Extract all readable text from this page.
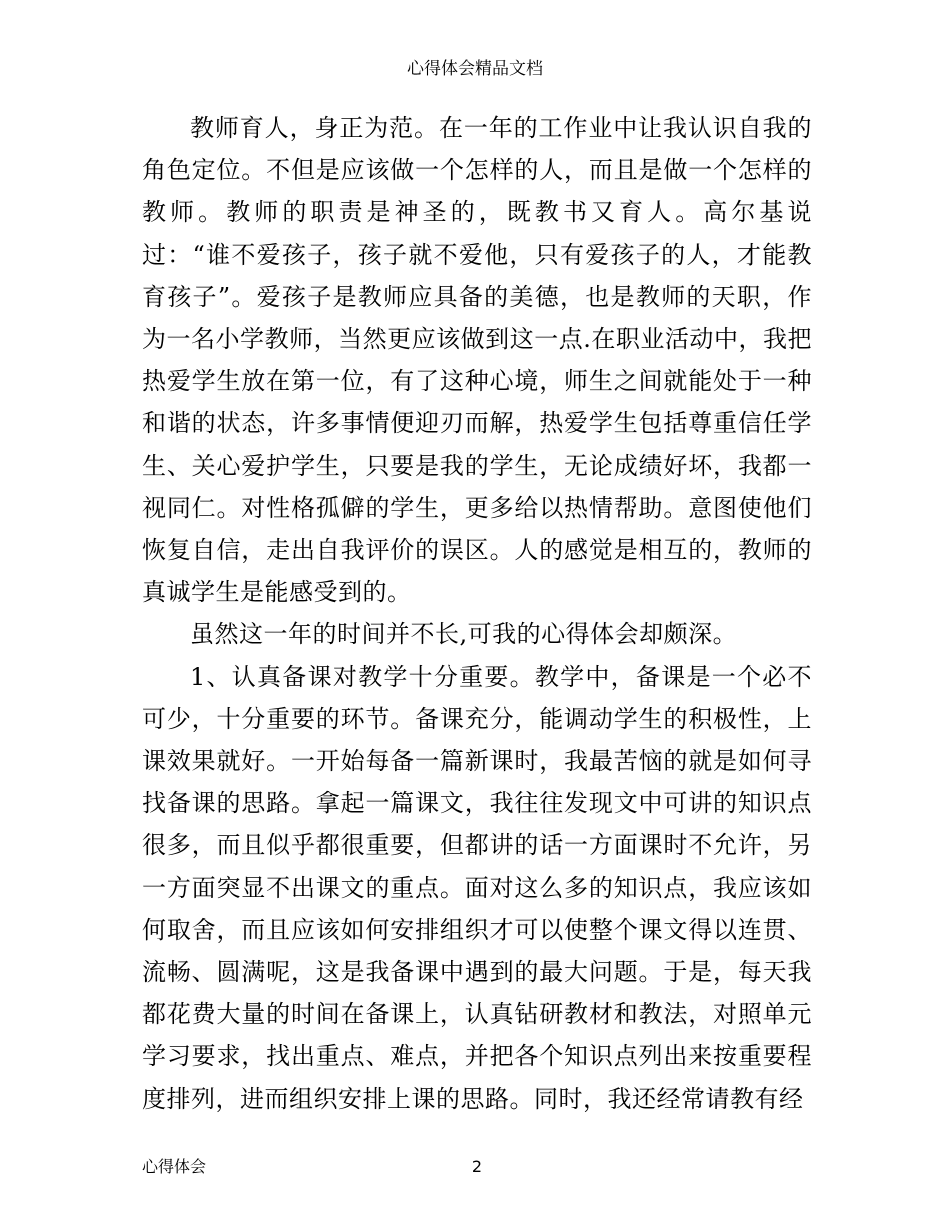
心得体会精品文档

教师育人，身正为范。在一年的工作业中让我认识自我的角色定位。不但是应该做一个怎样的人，而且是做一个怎样的教师。教师的职责是神圣的，既教书又育人。高尔基说过：“谁不爱孩子，孩子就不爱他，只有爱孩子的人，才能教育孩子”。爱孩子是教师应具备的美德，也是教师的天职，作为一名小学教师，当然更应该做到这一点.在职业活动中，我把热爱学生放在第一位，有了这种心境，师生之间就能处于一种和谐的状态，许多事情便迎刃而解，热爱学生包括尊重信任学生、关心爱护学生，只要是我的学生，无论成绩好坏，我都一视同仁。对性格孤僻的学生，更多给以热情帮助。意图使他们恢复自信，走出自我评价的误区。人的感觉是相互的，教师的真诚学生是能感受到的。

虽然这一年的时间并不长,可我的心得体会却颇深。

1、认真备课对教学十分重要。教学中，备课是一个必不可少，十分重要的环节。备课充分，能调动学生的积极性，上课效果就好。一开始每备一篇新课时，我最苦恼的就是如何寻找备课的思路。拿起一篇课文，我往往发现文中可讲的知识点很多，而且似乎都很重要，但都讲的话一方面课时不允许，另一方面突显不出课文的重点。面对这么多的知识点，我应该如何取舍，而且应该如何安排组织才可以使整个课文得以连贯、流畅、圆满呢，这是我备课中遇到的最大问题。于是，每天我都花费大量的时间在备课上，认真钻研教材和教法，对照单元学习要求，找出重点、难点，并把各个知识点列出来按重要程度排列，进而组织安排上课的思路。同时，我还经常请教有经

心得体会	2
